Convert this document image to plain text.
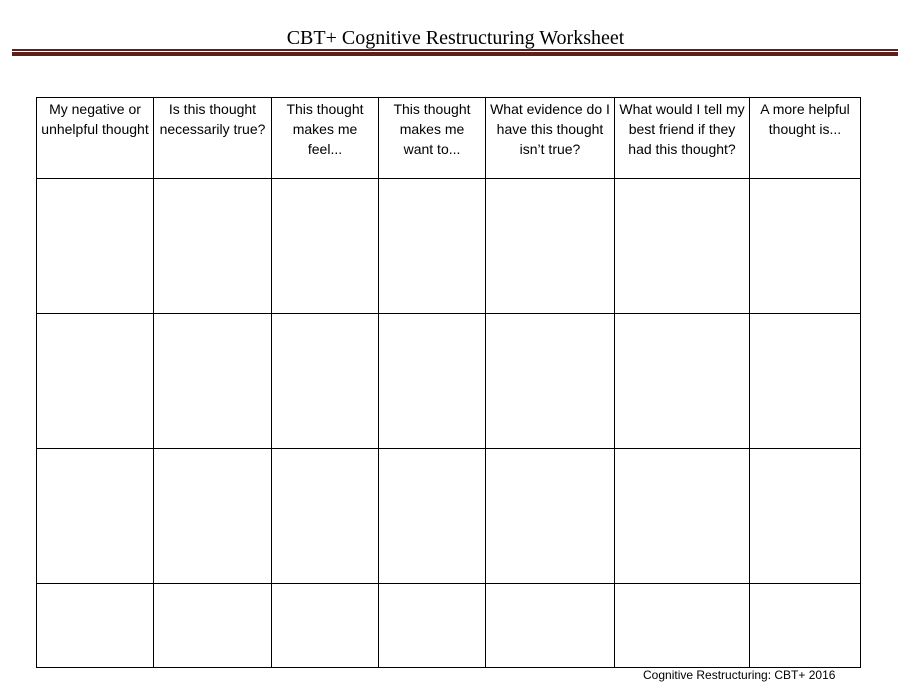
CBT+ Cognitive Restructuring Worksheet
My negative or unhelpful thought	Is this thought necessarily true?	This thought makes me feel...	This thought makes me want to...	What evidence do I have this thought isn’t true?	What would I tell my best friend if they had this thought?	A more helpful thought is...

Cognitive Restructuring: CBT+ 2016
